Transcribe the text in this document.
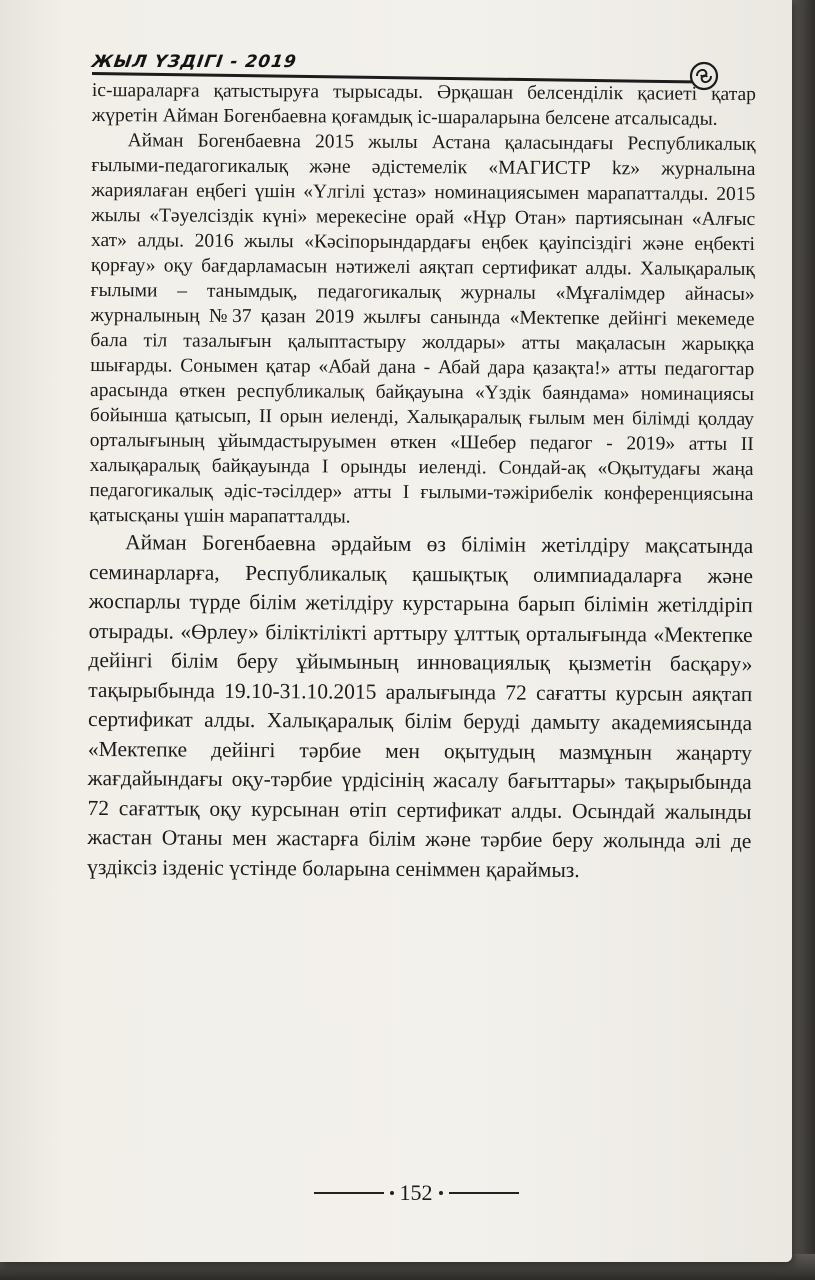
ЖЫЛ ҮЗДІГІ - 2019

іс-шараларға қатыстыруға тырысады. Әрқашан белсенділік қасиеті қатар жүретін Айман Богенбаевна қоғамдық іс-шараларына белсене атсалысады.

Айман Богенбаевна 2015 жылы Астана қаласындағы Республикалық ғылыми-педагогикалық және әдістемелік «МАГИСТР kz» журналына жариялаған еңбегі үшін «Үлгілі ұстаз» номинациясымен марапатталды. 2015 жылы «Тәуелсіздік күні» мерекесіне орай «Нұр Отан» партиясынан «Алғыс хат» алды. 2016 жылы «Кәсіпорындардағы еңбек қауіпсіздігі және еңбекті қорғау» оқу бағдарламасын нәтижелі аяқтап сертификат алды. Халықаралық ғылыми – танымдық, педагогикалық журналы «Мұғалімдер айнасы» журналының №37 қазан 2019 жылғы санында «Мектепке дейінгі мекемеде бала тіл тазалығын қалыптастыру жолдары» атты мақаласын жарыққа шығарды. Сонымен қатар «Абай дана - Абай дара қазақта!» атты педагогтар арасында өткен республикалық байқауына «Үздік баяндама» номинациясы бойынша қатысып, ІІ орын иеленді, Халықаралық ғылым мен білімді қолдау орталығының ұйымдастыруымен өткен «Шебер педагог - 2019» атты ІІ халықаралық байқауында І орынды иеленді. Сондай-ақ «Оқытудағы жаңа педагогикалық әдіс-тәсілдер» атты І ғылыми-тәжірибелік конференциясына қатысқаны үшін марапатталды.

Айман Богенбаевна әрдайым өз білімін жетілдіру мақсатында семинарларға, Республикалық қашықтық олимпиадаларға және жоспарлы түрде білім жетілдіру курстарына барып білімін жетілдіріп отырады. «Өрлеу» біліктілікті арттыру ұлттық орталығында «Мектепке дейінгі білім беру ұйымының инновациялық қызметін басқару» тақырыбында 19.10-31.10.2015 аралығында 72 сағатты курсын аяқтап сертификат алды. Халықаралық білім беруді дамыту академиясында «Мектепке дейінгі тәрбие мен оқытудың мазмұнын жаңарту жағдайындағы оқу-тәрбие үрдісінің жасалу бағыттары» тақырыбында 72 сағаттық оқу курсынан өтіп сертификат алды. Осындай жалынды жастан Отаны мен жастарға білім және тәрбие беру жолында әлі де үздіксіз ізденіс үстінде боларына сеніммен қараймыз.

152
